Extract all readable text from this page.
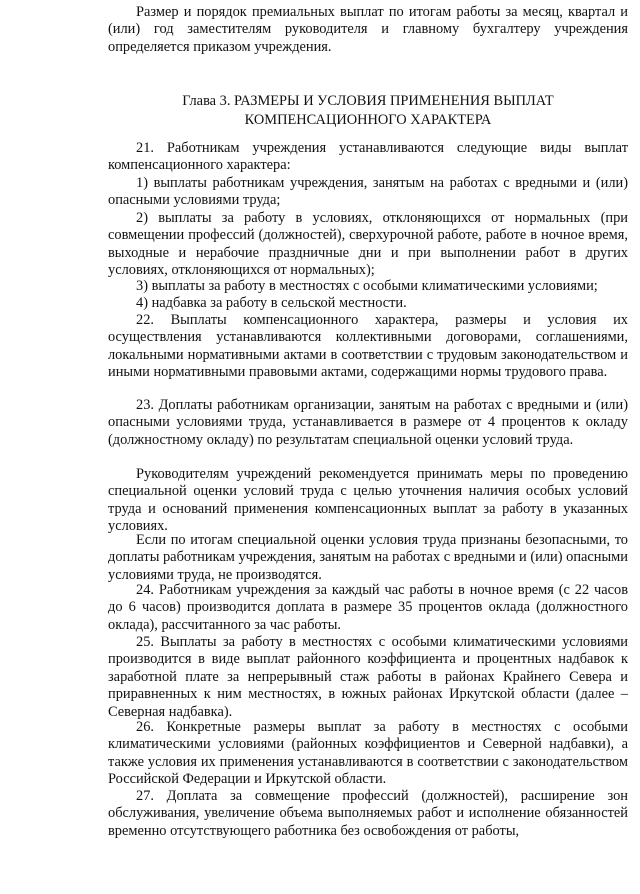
Размер и порядок премиальных выплат по итогам работы за месяц, квартал и (или) год заместителям руководителя и главному бухгалтеру учреждения определяется приказом учреждения.

Глава 3. РАЗМЕРЫ И УСЛОВИЯ ПРИМЕНЕНИЯ ВЫПЛАТ
КОМПЕНСАЦИОННОГО ХАРАКТЕРА

21. Работникам учреждения устанавливаются следующие виды выплат компенсационного характера:

1) выплаты работникам учреждения, занятым на работах с вредными и (или) опасными условиями труда;

2) выплаты за работу в условиях, отклоняющихся от нормальных (при совмещении профессий (должностей), сверхурочной работе, работе в ночное время, выходные и нерабочие праздничные дни и при выполнении работ в других условиях, отклоняющихся от нормальных);

3) выплаты за работу в местностях с особыми климатическими условиями;

4) надбавка за работу в сельской местности.

22. Выплаты компенсационного характера, размеры и условия их осуществления устанавливаются коллективными договорами, соглашениями, локальными нормативными актами в соответствии с трудовым законодательством и иными нормативными правовыми актами, содержащими нормы трудового права.

23. Доплаты работникам организации, занятым на работах с вредными и (или) опасными условиями труда, устанавливается в размере от 4 процентов к окладу (должностному окладу) по результатам специальной оценки условий труда.

Руководителям учреждений рекомендуется принимать меры по проведению специальной оценки условий труда с целью уточнения наличия особых условий труда и оснований применения компенсационных выплат за работу в указанных условиях.

Если по итогам специальной оценки условия труда признаны безопасными, то доплаты работникам учреждения, занятым на работах с вредными и (или) опасными условиями труда, не производятся.

24. Работникам учреждения за каждый час работы в ночное время (с 22 часов до 6 часов) производится доплата в размере 35 процентов оклада (должностного оклада), рассчитанного за час работы.

25. Выплаты за работу в местностях с особыми климатическими условиями производится в виде выплат районного коэффициента и процентных надбавок к заработной плате за непрерывный стаж работы в районах Крайнего Севера и приравненных к ним местностях, в южных районах Иркутской области (далее – Северная надбавка).

26. Конкретные размеры выплат за работу в местностях с особыми климатическими условиями (районных коэффициентов и Северной надбавки), а также условия их применения устанавливаются в соответствии с законодательством Российской Федерации и Иркутской области.

27. Доплата за совмещение профессий (должностей), расширение зон обслуживания, увеличение объема выполняемых работ и исполнение обязанностей временно отсутствующего работника без освобождения от работы,
